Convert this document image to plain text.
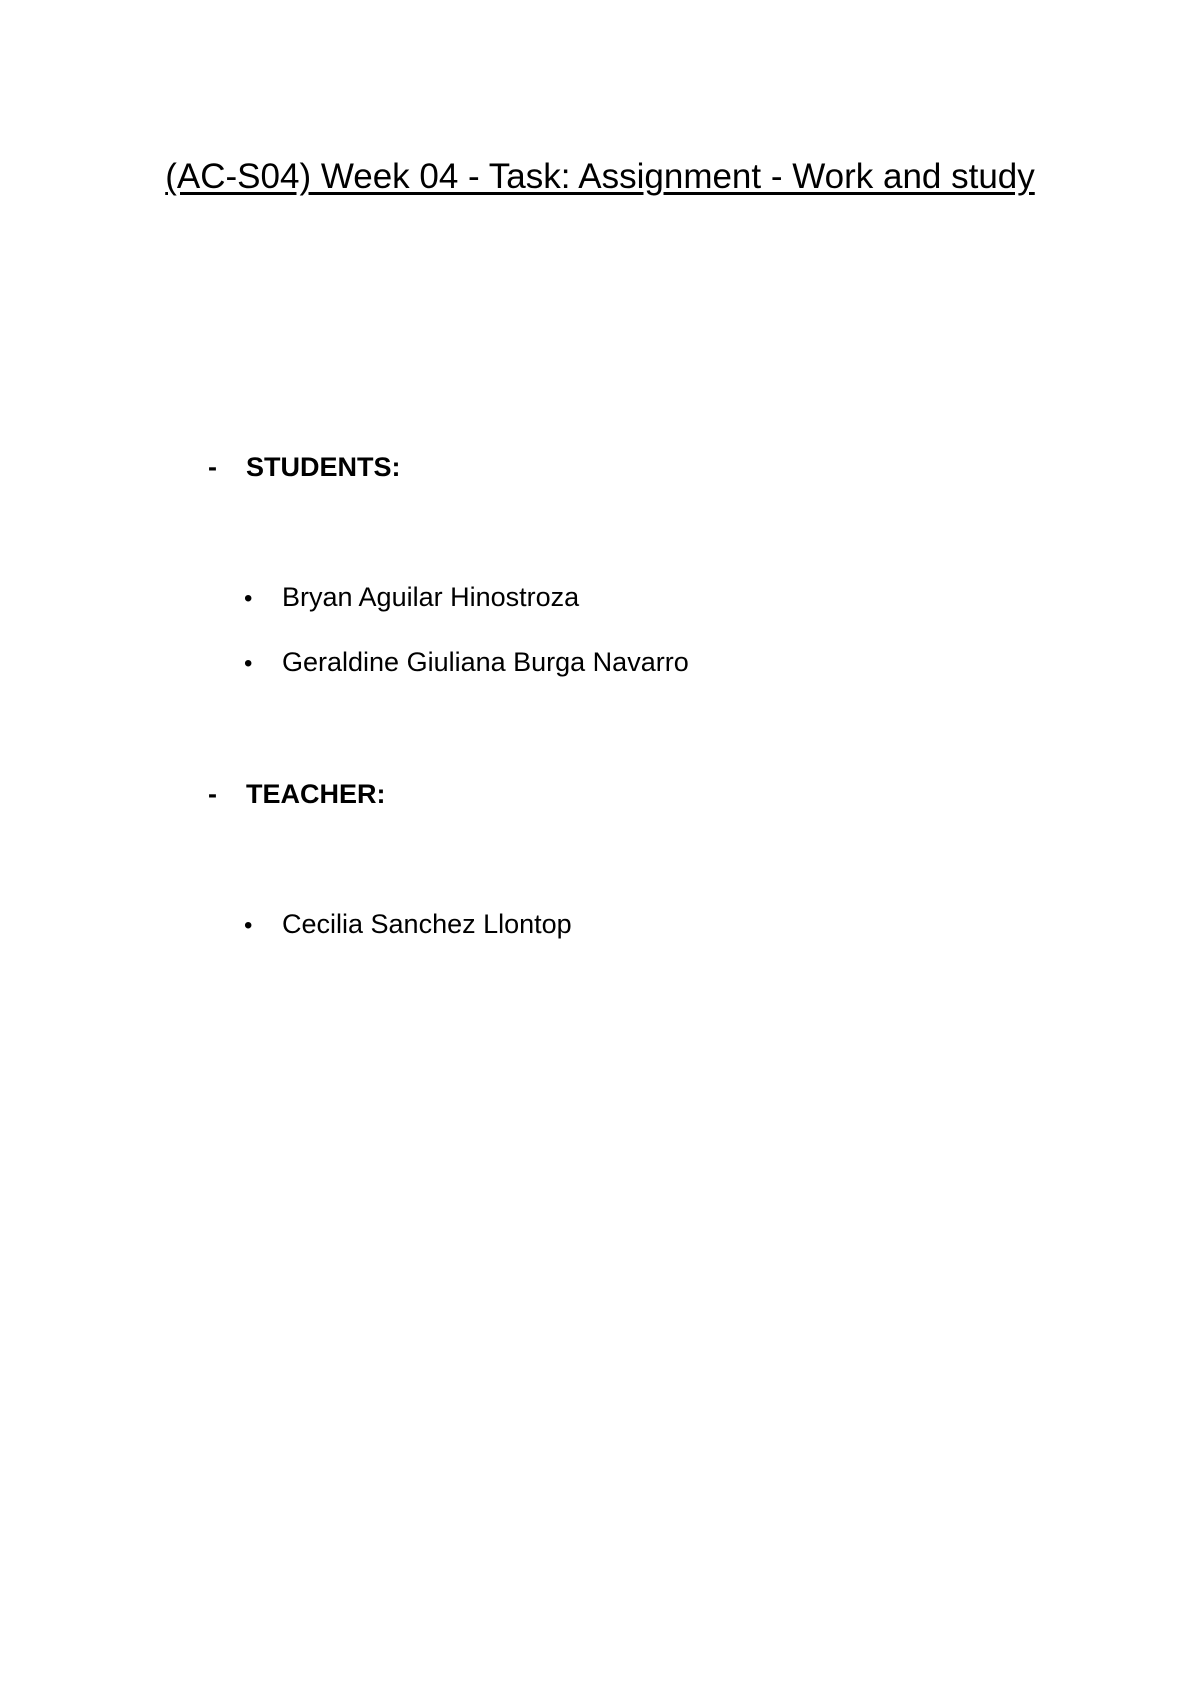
(AC-S04) Week 04 - Task: Assignment - Work and study

- STUDENTS:

• Bryan Aguilar Hinostroza
• Geraldine Giuliana Burga Navarro

- TEACHER:

• Cecilia Sanchez Llontop
